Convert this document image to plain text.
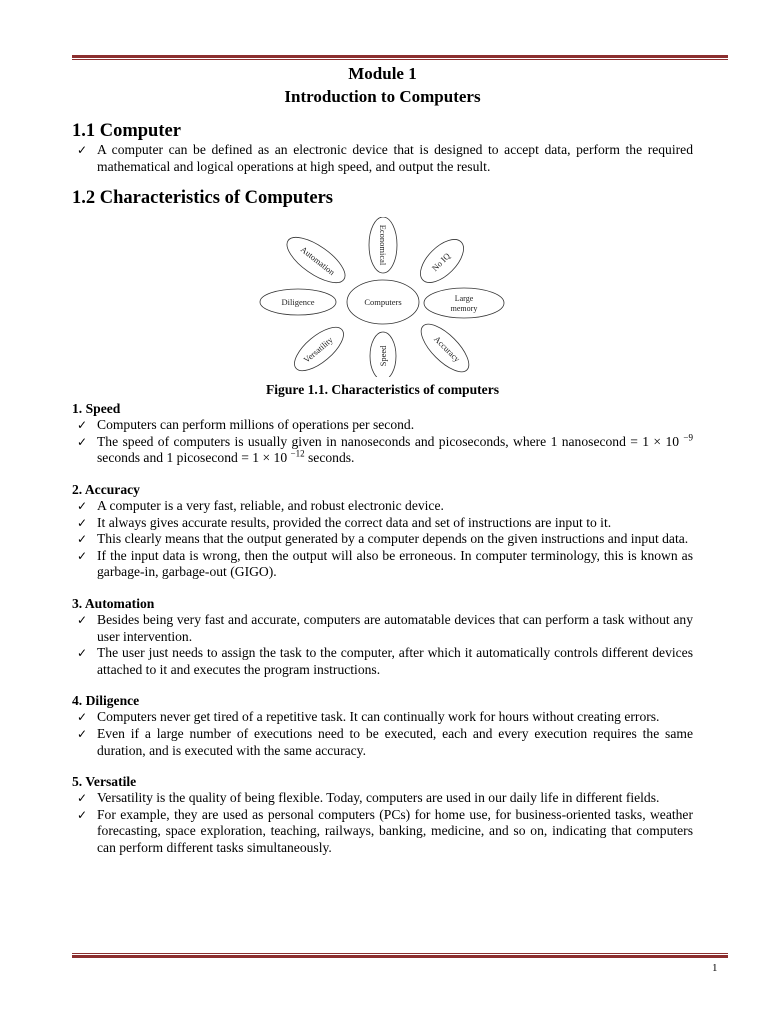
Module 1

Introduction to Computers

1.1 Computer

✓ A computer can be defined as an electronic device that is designed to accept data, perform the required mathematical and logical operations at high speed, and output the result.

1.2 Characteristics of Computers

Computers
Economical
Automation	No IQ
Diligence	Large
memory
Versatility	Speed	Accuracy

Figure 1.1. Characteristics of computers

1. Speed

✓ Computers can perform millions of operations per second.
✓ The speed of computers is usually given in nanoseconds and picoseconds, where 1 nanosecond = 1 × 10 $^{-9}$ seconds and 1 picosecond = 1 × 10 $^{-12}$ seconds.

2. Accuracy

✓ A computer is a very fast, reliable, and robust electronic device.
✓ It always gives accurate results, provided the correct data and set of instructions are input to it.
✓ This clearly means that the output generated by a computer depends on the given instructions and input data.
✓ If the input data is wrong, then the output will also be erroneous. In computer terminology, this is known as garbage-in, garbage-out (GIGO).

3. Automation

✓ Besides being very fast and accurate, computers are automatable devices that can perform a task without any user intervention.
✓ The user just needs to assign the task to the computer, after which it automatically controls different devices attached to it and executes the program instructions.

4. Diligence

✓ Computers never get tired of a repetitive task. It can continually work for hours without creating errors.
✓ Even if a large number of executions need to be executed, each and every execution requires the same duration, and is executed with the same accuracy.

5. Versatile

✓ Versatility is the quality of being flexible. Today, computers are used in our daily life in different fields.
✓ For example, they are used as personal computers (PCs) for home use, for business-oriented tasks, weather forecasting, space exploration, teaching, railways, banking, medicine, and so on, indicating that computers can perform different tasks simultaneously.
1
